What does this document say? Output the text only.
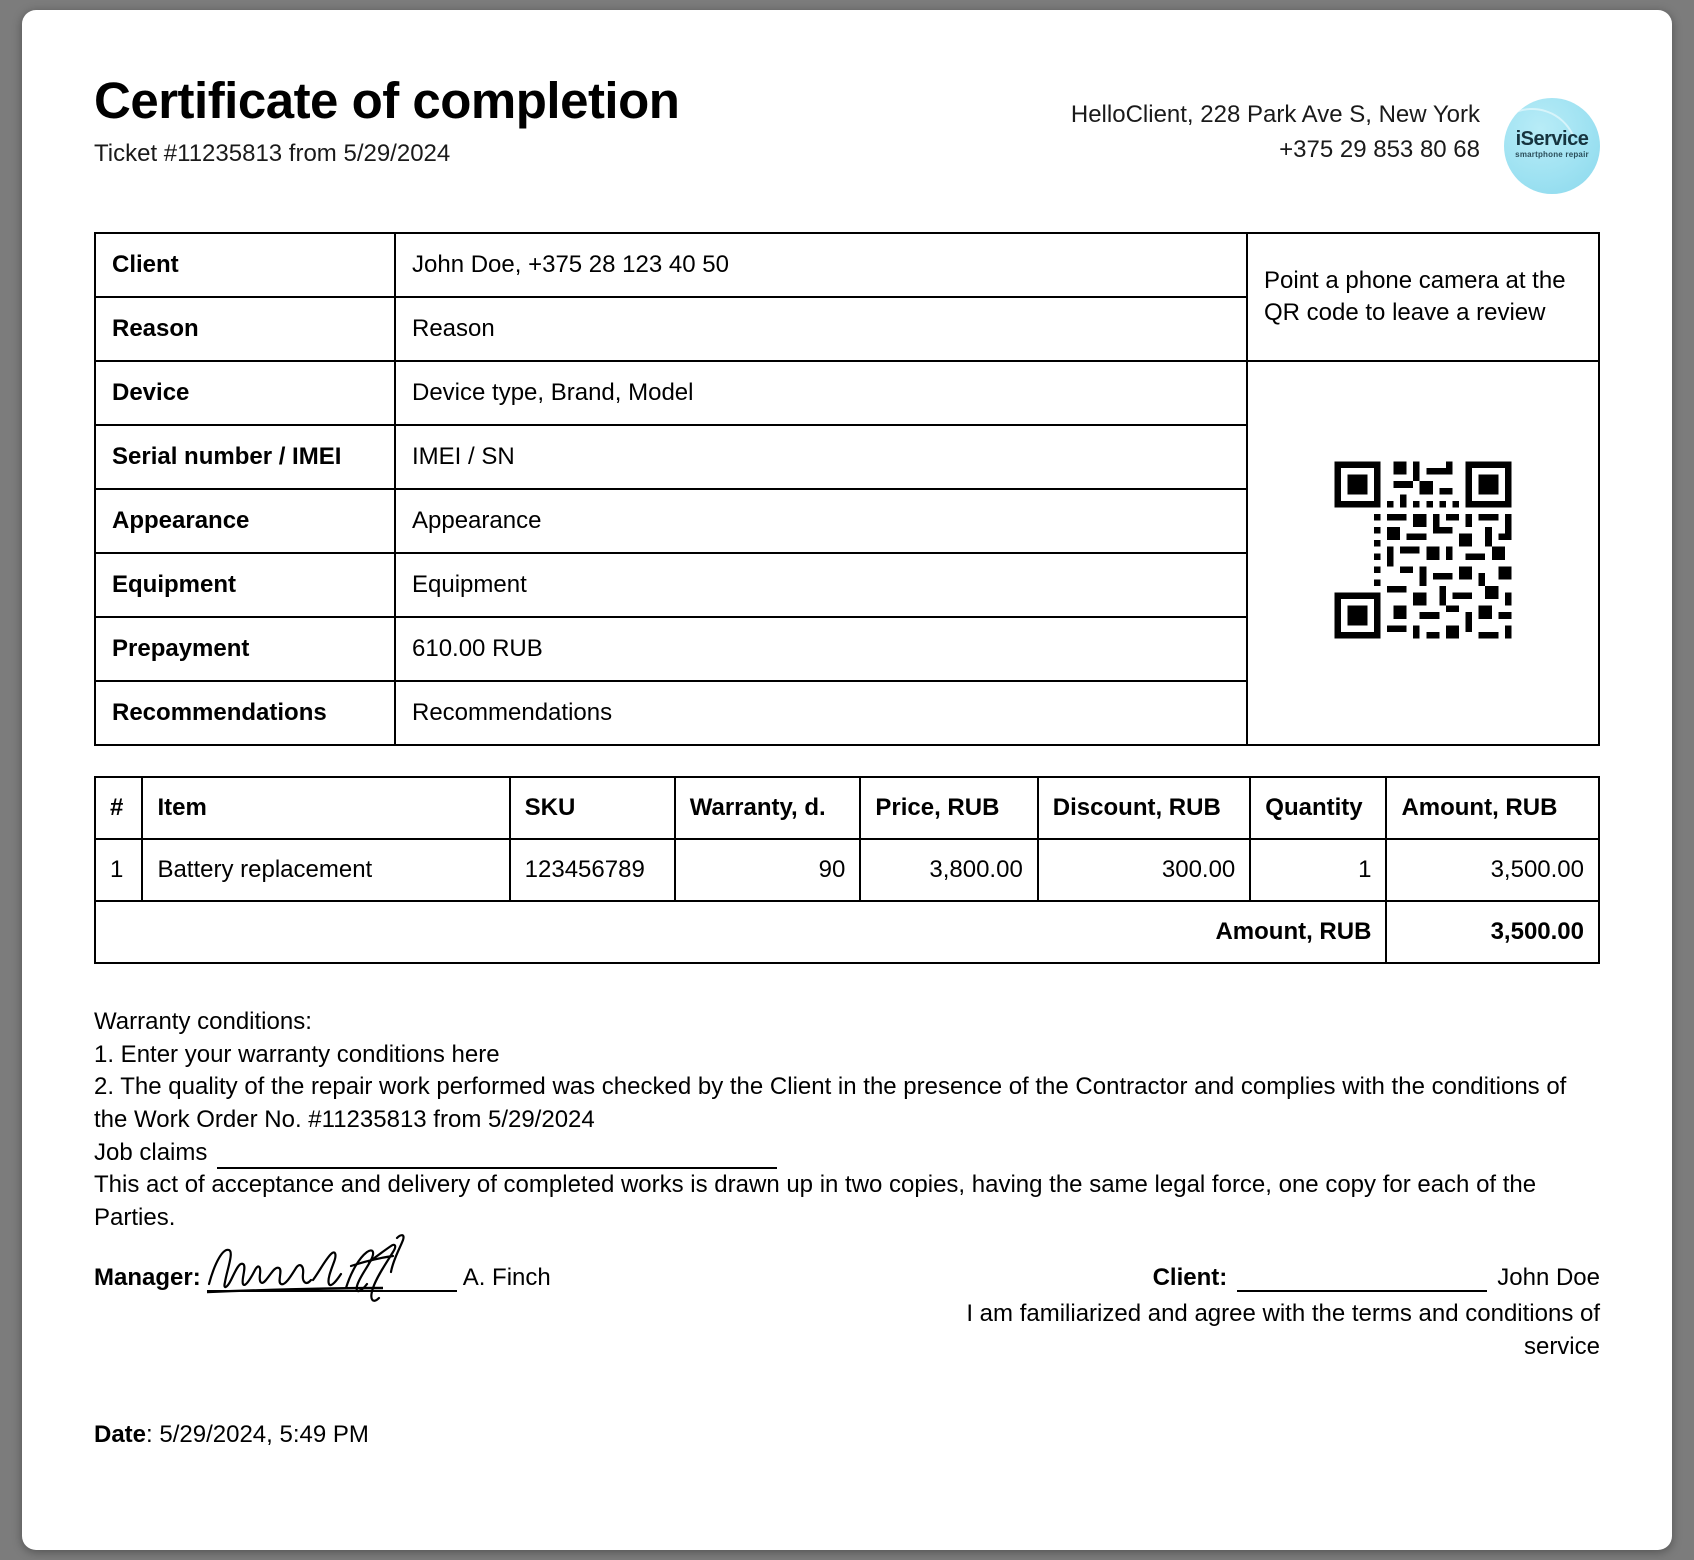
Certificate of completion
Ticket #11235813 from 5/29/2024
HelloClient, 228 Park Ave S, New York
+375 29 853 80 68	iService
smartphone repair
Client	John Doe, +375 28 123 40 50	Point a phone camera at the QR code to leave a review
Reason	Reason	
Device	Device type, Brand, Model	
Serial number / IMEI	IMEI / SN	
Appearance	Appearance	
Equipment	Equipment	
Prepayment	610.00 RUB	
Recommendations	Recommendations	
#	Item	SKU	Warranty, d.	Price, RUB	Discount, RUB	Quantity	Amount, RUB
1	Battery replacement	123456789	90	3,800.00	300.00	1	3,500.00
Amount, RUB							3,500.00

Warranty conditions:

1. Enter your warranty conditions here

2. The quality of the repair work performed was checked by the Client in the presence of the Contractor and complies with the conditions of the Work Order No. #11235813 from 5/29/2024

Job claims

This act of acceptance and delivery of completed works is drawn up in two copies, having the same legal force, one copy for each of the Parties.

Manager:	A. Finch	Client:	John Doe
I am familiarized and agree with the terms and conditions of service
Date: 5/29/2024, 5:49 PM
